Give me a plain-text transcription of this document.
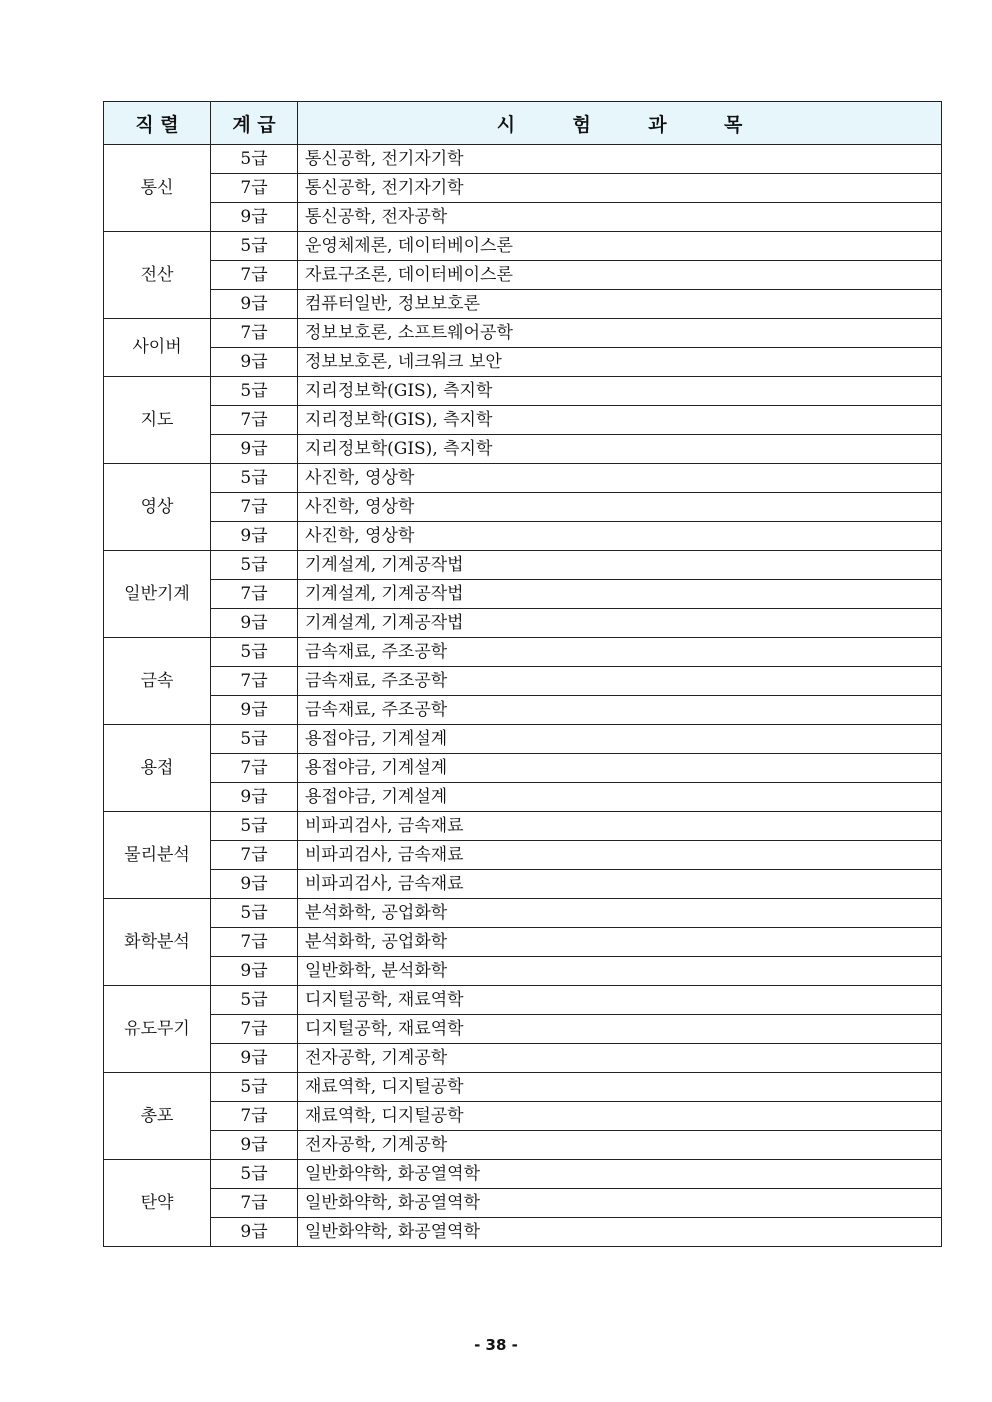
직 렬	계 급	시 험 과 목

통신	5급	통신공학, 전기자기학
	7급	통신공학, 전기자기학
	9급	통신공학, 전자공학
전산	5급	운영체제론, 데이터베이스론
	7급	자료구조론, 데이터베이스론
	9급	컴퓨터일반, 정보보호론
사이버	7급	정보보호론, 소프트웨어공학
	9급	정보보호론, 네크워크 보안
지도	5급	지리정보학(GIS), 측지학
	7급	지리정보학(GIS), 측지학
	9급	지리정보학(GIS), 측지학
영상	5급	사진학, 영상학
	7급	사진학, 영상학
	9급	사진학, 영상학
일반기계	5급	기계설계, 기계공작법
	7급	기계설계, 기계공작법
	9급	기계설계, 기계공작법
금속	5급	금속재료, 주조공학
	7급	금속재료, 주조공학
	9급	금속재료, 주조공학
용접	5급	용접야금, 기계설계
	7급	용접야금, 기계설계
	9급	용접야금, 기계설계
물리분석	5급	비파괴검사, 금속재료
	7급	비파괴검사, 금속재료
	9급	비파괴검사, 금속재료
화학분석	5급	분석화학, 공업화학
	7급	분석화학, 공업화학
	9급	일반화학, 분석화학
유도무기	5급	디지털공학, 재료역학
	7급	디지털공학, 재료역학
	9급	전자공학, 기계공학
총포	5급	재료역학, 디지털공학
	7급	재료역학, 디지털공학
	9급	전자공학, 기계공학
탄약	5급	일반화약학, 화공열역학
	7급	일반화약학, 화공열역학
	9급	일반화약학, 화공열역학
- 38 -
